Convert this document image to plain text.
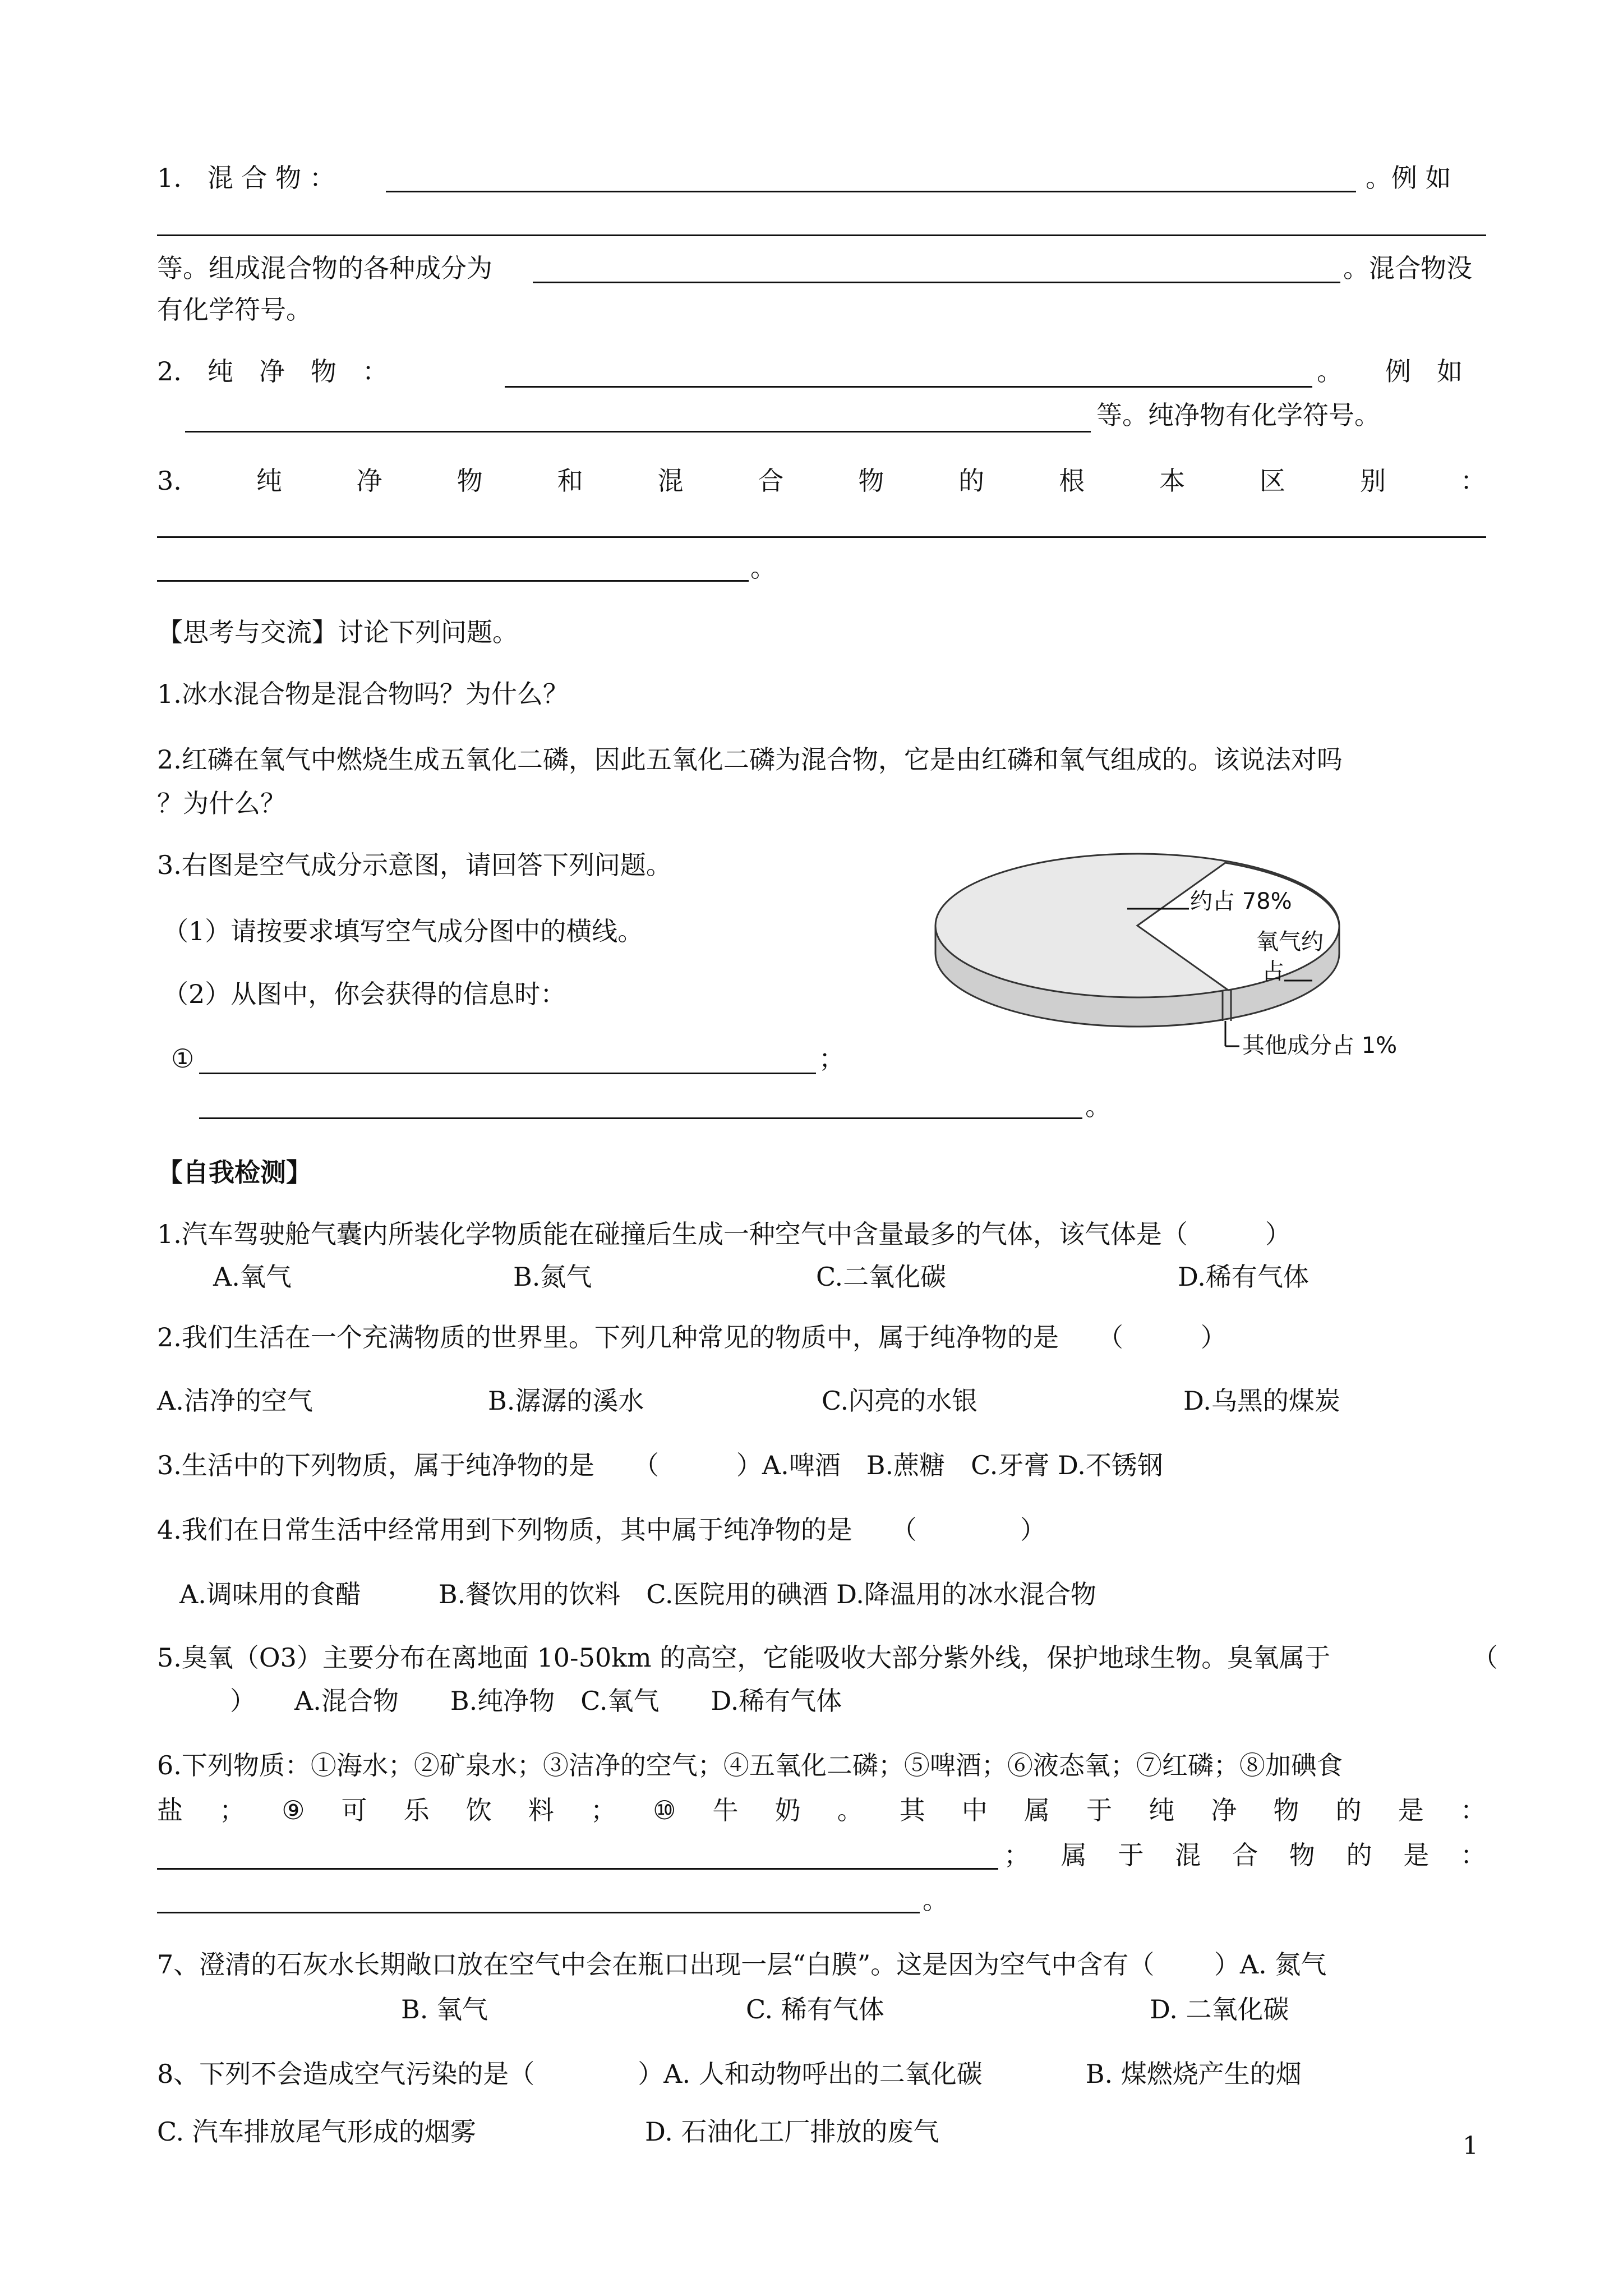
1.　混 合 物 ：	。例 如
等。组成混合物的各种成分为	。混合物没
有化学符号。
2.　纯　净　物　：	。 例　如
等。纯净物有化学符号。
3.	纯	净	物	和	混	合	物	的	根	本	区	别	：
。
【思考与交流】讨论下列问题。
1.冰水混合物是混合物吗？为什么？
2.红磷在氧气中燃烧生成五氧化二磷，因此五氧化二磷为混合物，它是由红磷和氧气组成的。该说法对吗
？为什么？
3.右图是空气成分示意图，请回答下列问题。
（1）请按要求填写空气成分图中的横线。
（2）从图中，你会获得的信息时：
①	；
。
约占 78%
氧气约
占
其他成分占 1%
【自我检测】
1.汽车驾驶舱气囊内所装化学物质能在碰撞后生成一种空气中含量最多的气体，该气体是（　　　）
A.氧气	B.氮气	C.二氧化碳	D.稀有气体
2.我们生活在一个充满物质的世界里。下列几种常见的物质中，属于纯净物的是　　（　　　）
A.洁净的空气	B.潺潺的溪水	C.闪亮的水银	D.乌黑的煤炭
3.生活中的下列物质，属于纯净物的是　　（　　　）A.啤酒　B.蔗糖　C.牙膏 D.不锈钢
4.我们在日常生活中经常用到下列物质，其中属于纯净物的是　　（　　　　）
A.调味用的食醋　　　B.餐饮用的饮料　C.医院用的碘酒 D.降温用的冰水混合物
5.臭氧（O3）主要分布在离地面 10-50km 的高空，它能吸收大部分紫外线，保护地球生物。臭氧属于	（
）　　A.混合物　　B.纯净物　C.氧气　　D.稀有气体
6.下列物质：①海水；②矿泉水；③洁净的空气；④五氧化二磷；⑤啤酒；⑥液态氧；⑦红磷；⑧加碘食
盐 ； ⑨ 可 乐 饮 料 ； ⑩ 牛 奶 。 其 中 属 于 纯 净 物 的 是 ：
； 属 于 混 合 物 的 是 ：
。
7、澄清的石灰水长期敞口放在空气中会在瓶口出现一层“白膜”。这是因为空气中含有（　　 ）A. 氮气
B. 氧气	C. 稀有气体	D. 二氧化碳
8、下列不会造成空气污染的是（　　　　）A. 人和动物呼出的二氧化碳　　　　B. 煤燃烧产生的烟
C. 汽车排放尾气形成的烟雾	D. 石油化工厂排放的废气	1
